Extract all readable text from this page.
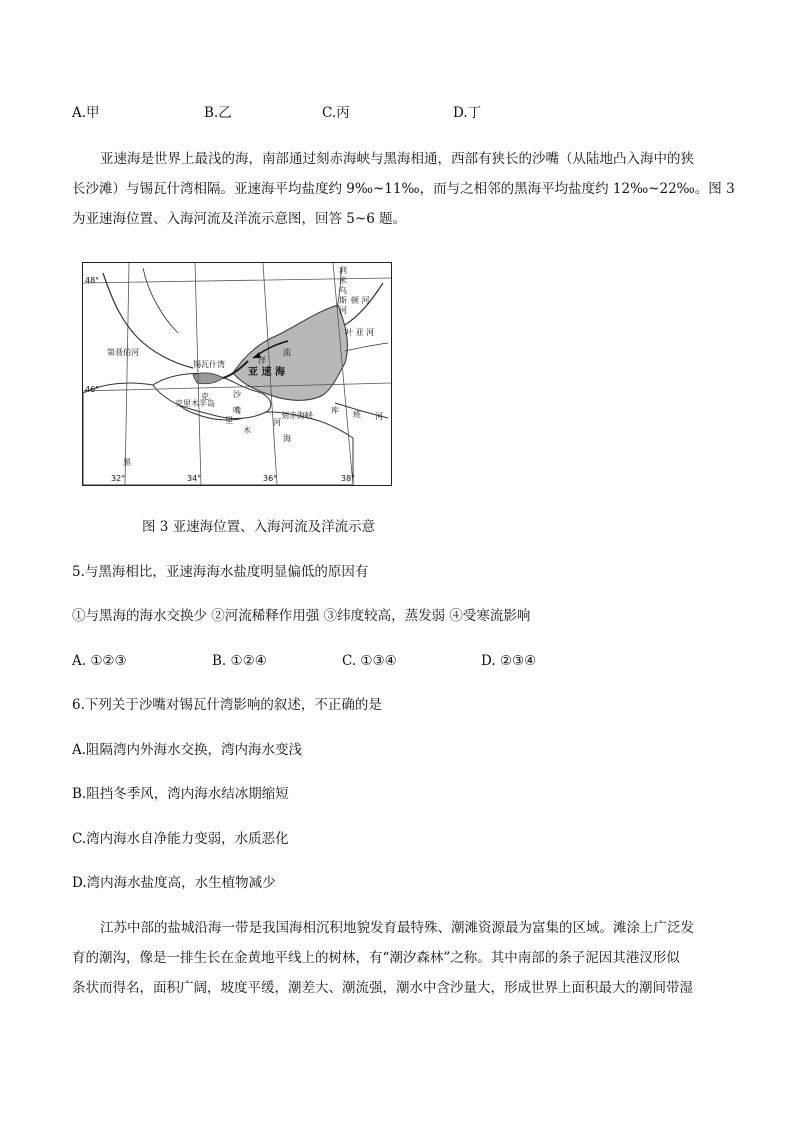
A.甲	B.乙	C.丙	D.丁
亚速海是世界上最浅的海，南部通过刻赤海峡与黑海相通，西部有狭长的沙嘴（从陆地凸入海中的狭
长沙滩）与锡瓦什湾相隔。亚速海平均盐度约 9‰~11‰，而与之相邻的黑海平均盐度约 12‰~22‰。图 3
为亚速海位置、入海河流及洋流示意图，回答 5~6 题。
48°
46°
32°	34°	36°	38°
亚 速 海
黑
海
锡瓦什湾
克里木半岛
刻赤海峡
沙
嘴
洋
流
第聂伯河
顿 河
叶 亚 河
库 班 河
利
米
乌
斯
河
克
里
木
河
图 3 亚速海位置、入海河流及洋流示意
5.与黑海相比，亚速海海水盐度明显偏低的原因有
①与黑海的海水交换少 ②河流稀释作用强 ③纬度较高，蒸发弱 ④受寒流影响
A. ①②③	B. ①②④	C. ①③④	D. ②③④
6.下列关于沙嘴对锡瓦什湾影响的叙述，不正确的是
A.阻隔湾内外海水交换，湾内海水变浅
B.阻挡冬季风，湾内海水结冰期缩短
C.湾内海水自净能力变弱，水质恶化
D.湾内海水盐度高，水生植物减少
江苏中部的盐城沿海一带是我国海相沉积地貌发育最特殊、潮滩资源最为富集的区域。滩涂上广泛发
育的潮沟，像是一排生长在金黄地平线上的树林，有“潮汐森林”之称。其中南部的条子泥因其港汊形似
条状而得名，面积广阔，坡度平缓，潮差大、潮流强，潮水中含沙量大，形成世界上面积最大的潮间带湿
